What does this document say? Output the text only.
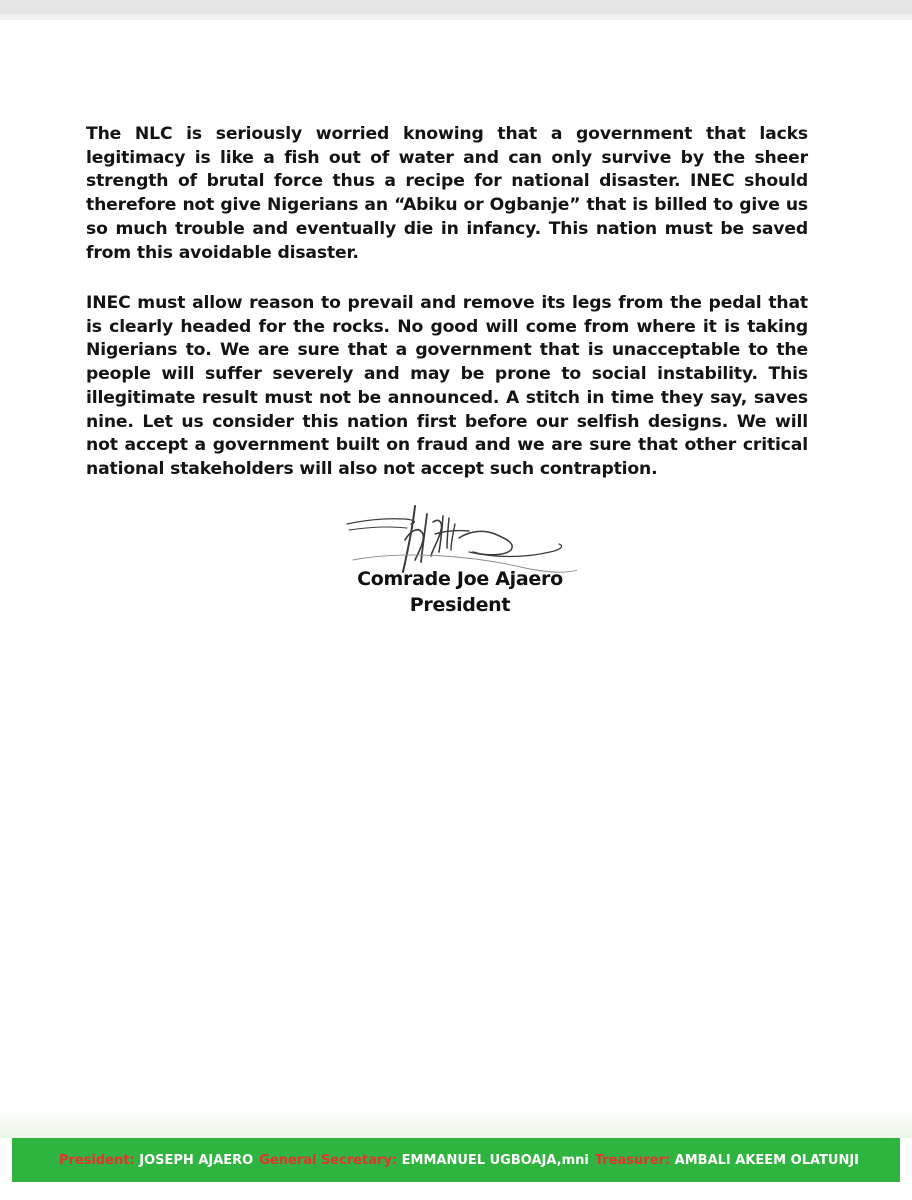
The NLC is seriously worried knowing that a government that lacks legitimacy is like a fish out of water and can only survive by the sheer strength of brutal force thus a recipe for national disaster. INEC should therefore not give Nigerians an “Abiku or Ogbanje” that is billed to give us so much trouble and eventually die in infancy. This nation must be saved from this avoidable disaster.

INEC must allow reason to prevail and remove its legs from the pedal that is clearly headed for the rocks. No good will come from where it is taking Nigerians to. We are sure that a government that is unacceptable to the people will suffer severely and may be prone to social instability. This illegitimate result must not be announced. A stitch in time they say, saves nine. Let us consider this nation first before our selfish designs. We will not accept a government built on fraud and we are sure that other critical national stakeholders will also not accept such contraption.

Comrade Joe Ajaero
President
President:
JOSEPH AJAERO General Secretary:
EMMANUEL UGBOAJA,mni Treasurer:
AMBALI AKEEM OLATUNJI
